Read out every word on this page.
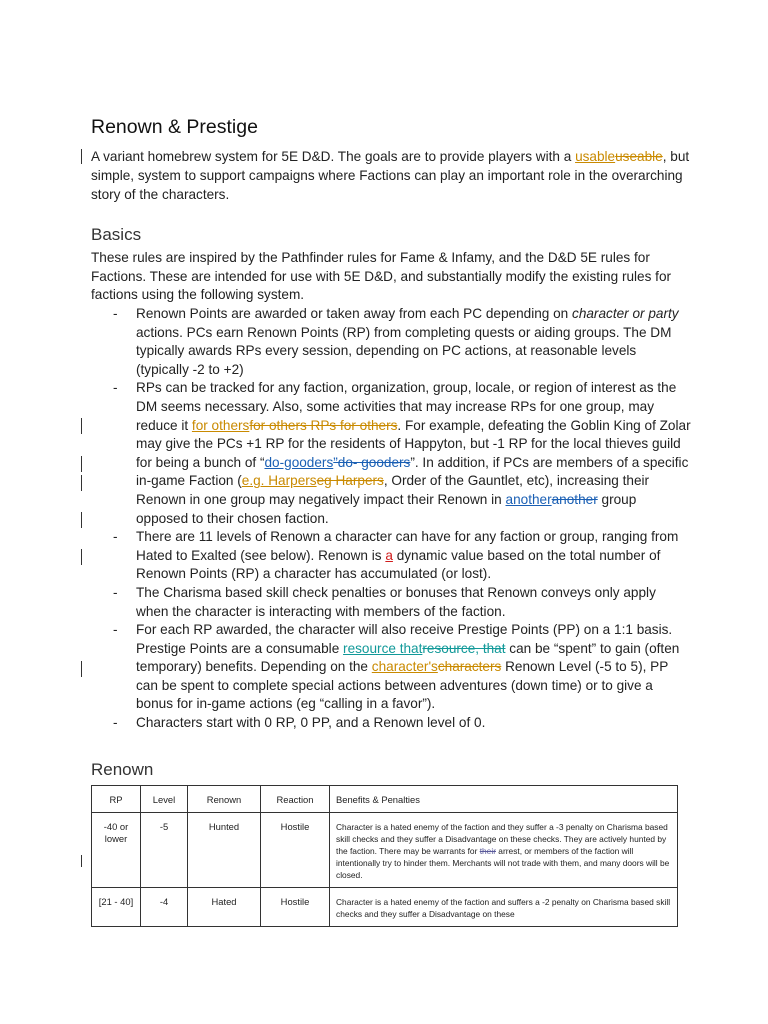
Renown & Prestige

A variant homebrew system for 5E D&D. The goals are to provide players with a usableuseable, but simple, system to support campaigns where Factions can play an important role in the overarching story of the characters.

Basics

These rules are inspired by the Pathfinder rules for Fame & Infamy, and the D&D 5E rules for Factions. These are intended for use with 5E D&D, and substantially modify the existing rules for factions using the following system.

- Renown Points are awarded or taken away from each PC depending on character or party actions. PCs earn Renown Points (RP) from completing quests or aiding groups. The DM typically awards RPs every session, depending on PC actions, at reasonable levels (typically -2 to +2)
- RPs can be tracked for any faction, organization, group, locale, or region of interest as the DM seems necessary. Also, some activities that may increase RPs for one group, may reduce it for othersfor others RPs for others. For example, defeating the Goblin King of Zolar may give the PCs +1 RP for the residents of Happyton, but -1 RP for the local thieves guild for being a bunch of “do-gooders”do- gooders”. In addition, if PCs are members of a specific in-game Faction (e.g. Harperseg Harpers, Order of the Gauntlet, etc), increasing their Renown in one group may negatively impact their Renown in anotheranother group opposed to their chosen faction.
- There are 11 levels of Renown a character can have for any faction or group, ranging from Hated to Exalted (see below). Renown is a dynamic value based on the total number of Renown Points (RP) a character has accumulated (or lost).
- The Charisma based skill check penalties or bonuses that Renown conveys only apply when the character is interacting with members of the faction.
- For each RP awarded, the character will also receive Prestige Points (PP) on a 1:1 basis. Prestige Points are a consumable resource thatresource, that can be “spent” to gain (often temporary) benefits. Depending on the character'scharacters Renown Level (-5 to 5), PP can be spent to complete special actions between adventures (down time) or to give a bonus for in-game actions (eg “calling in a favor”).
- Characters start with 0 RP, 0 PP, and a Renown level of 0.
Renown
RP	Level	Renown	Reaction	Benefits & Penalties
-40 or lower	-5	Hunted	Hostile	Character is a hated enemy of the faction and they suffer a -3 penalty on Charisma based skill checks and they suffer a Disadvantage on these checks. They are actively hunted by the faction. There may be warrants for their arrest, or members of the faction will intentionally try to hinder them. Merchants will not trade with them, and many doors will be closed.
[21 - 40]	-4	Hated	Hostile	Character is a hated enemy of the faction and suffers a -2 penalty on Charisma based skill checks and they suffer a Disadvantage on these
